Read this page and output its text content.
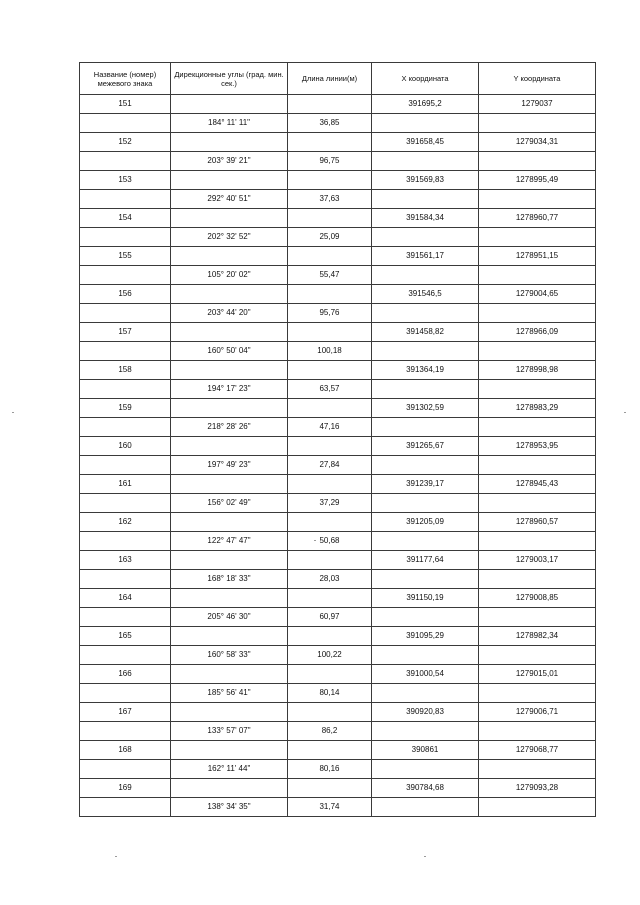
Название (номер) межевого знака	Дирекционные углы (град. мин. сек.)	Длина линии(м)	X координата	Y координата
151			391695,2	1279037
	184° 11' 11"	36,85		
152			391658,45	1279034,31
	203° 39' 21"	96,75		
153			391569,83	1278995,49
	292° 40' 51"	37,63		
154			391584,34	1278960,77
	202° 32' 52"	25,09		
155			391561,17	1278951,15
	105° 20' 02"	55,47		
156			391546,5	1279004,65
	203° 44' 20"	95,76		
157			391458,82	1278966,09
	160° 50' 04"	100,18		
158			391364,19	1278998,98
	194° 17' 23"	63,57		
159			391302,59	1278983,29
	218° 28' 26"	47,16		
160			391265,67	1278953,95
	197° 49' 23"	27,84		
161			391239,17	1278945,43
	156° 02' 49"	37,29		
162			391205,09	1278960,57
	122° 47' 47"	50,68		
163			391177,64	1279003,17
	168° 18' 33"	28,03		
164			391150,19	1279008,85
	205° 46' 30"	60,97		
165			391095,29	1278982,34
	160° 58' 33"	100,22		
166			391000,54	1279015,01
	185° 56' 41"	80,14		
167			390920,83	1279006,71
	133° 57' 07"	86,2		
168			390861	1279068,77
	162° 11' 44"	80,16		
169			390784,68	1279093,28
	138° 34' 35"	31,74		
